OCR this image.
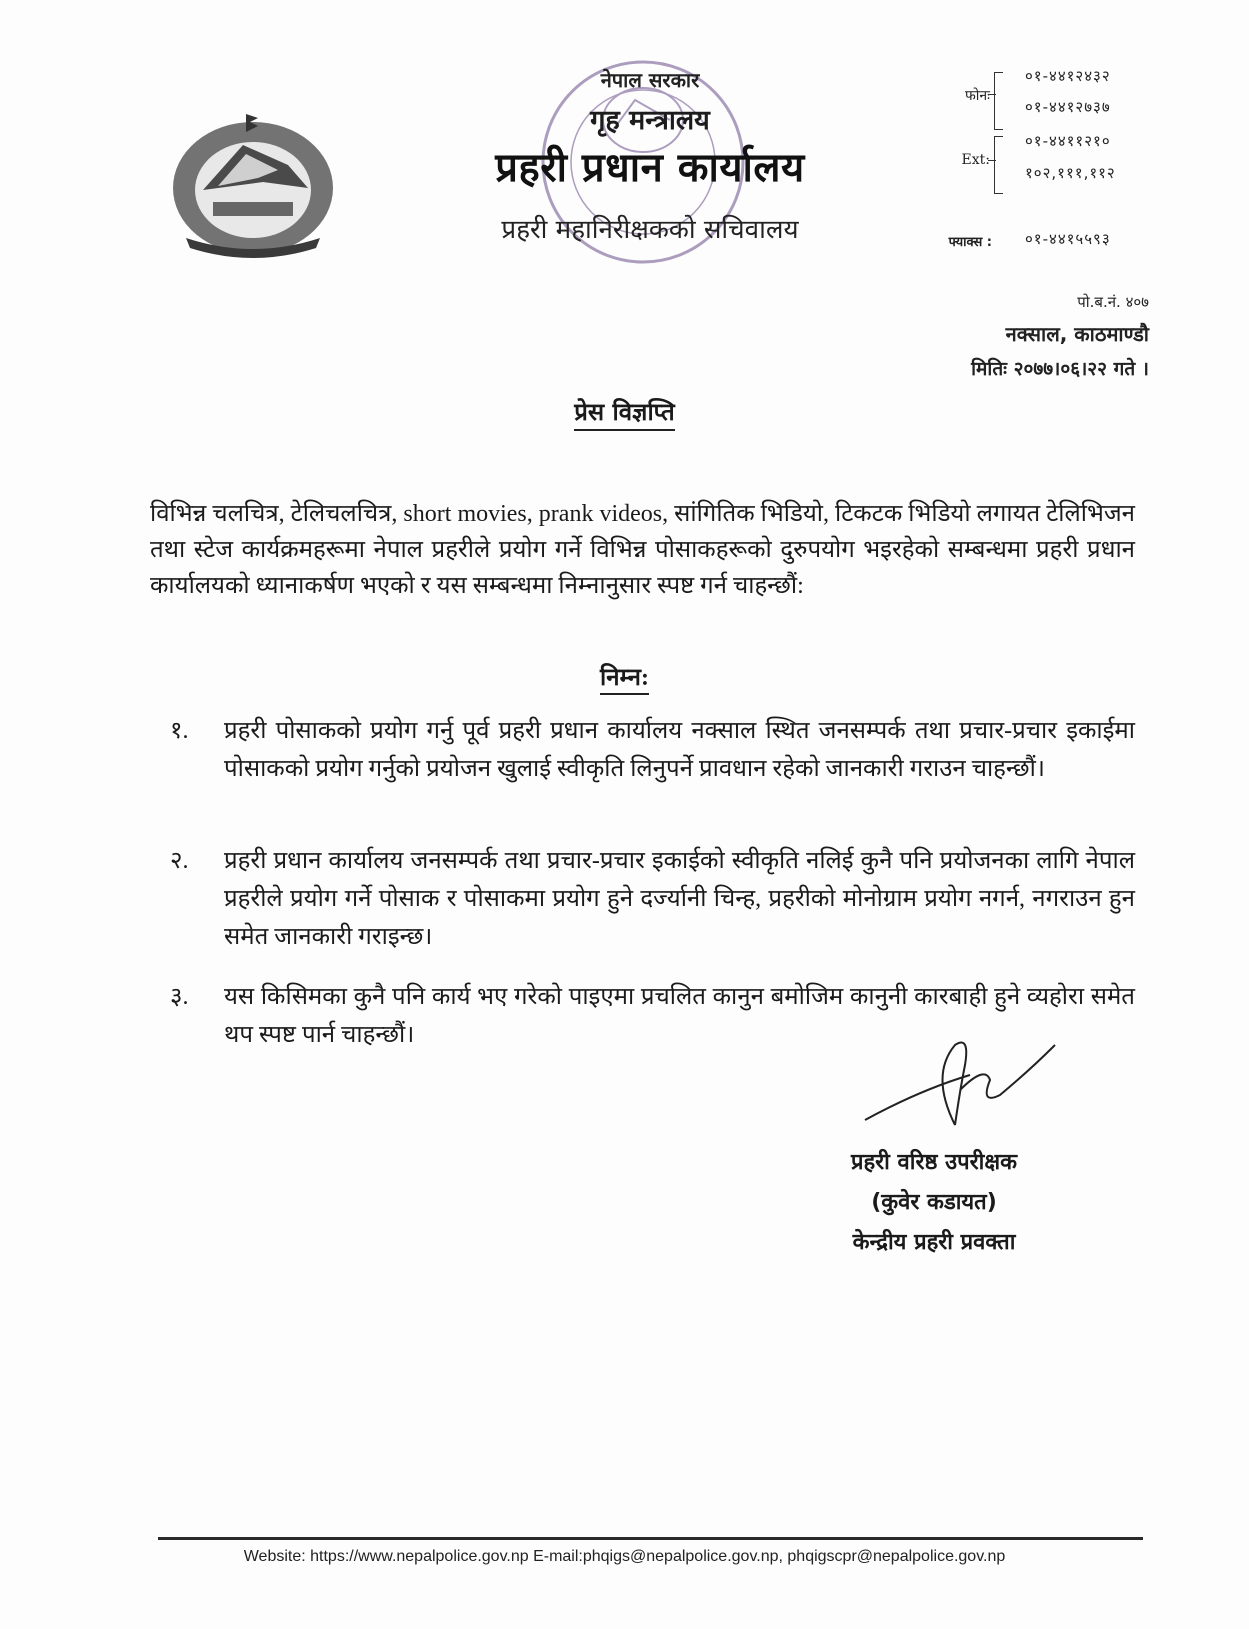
नेपाल सरकार
गृह मन्त्रालय
प्रहरी प्रधान कार्यालय
प्रहरी महानिरीक्षकको सचिवालय
फोनः
०१-४४१२४३२
०१-४४१२७३७
Ext:
०१-४४११२१०
१०२,१११,११२
फ्याक्स : ०१-४४१५५९३
पो.ब.नं. ४०७
नक्साल, काठमाण्डौ
मितिः २०७७।०६।२२ गते ।
प्रेस विज्ञप्ति
विभिन्न चलचित्र, टेलिचलचित्र, short movies, prank videos, सांगितिक भिडियो, टिकटक भिडियो लगायत टेलिभिजन तथा स्टेज कार्यक्रमहरूमा नेपाल प्रहरीले प्रयोग गर्ने विभिन्न पोसाकहरूको दुरुपयोग भइरहेको सम्बन्धमा प्रहरी प्रधान कार्यालयको ध्यानाकर्षण भएको र यस सम्बन्धमा निम्नानुसार स्पष्ट गर्न चाहन्छौं:
निम्न:
१.	प्रहरी पोसाकको प्रयोग गर्नु पूर्व प्रहरी प्रधान कार्यालय नक्साल स्थित जनसम्पर्क तथा प्रचार-प्रचार इकाईमा पोसाकको प्रयोग गर्नुको प्रयोजन खुलाई स्वीकृति लिनुपर्ने प्रावधान रहेको जानकारी गराउन चाहन्छौं।
२.	प्रहरी प्रधान कार्यालय जनसम्पर्क तथा प्रचार-प्रचार इकाईको स्वीकृति नलिई कुनै पनि प्रयोजनका लागि नेपाल प्रहरीले प्रयोग गर्ने पोसाक र पोसाकमा प्रयोग हुने दर्ज्यानी चिन्ह, प्रहरीको मोनोग्राम प्रयोग नगर्न, नगराउन हुन समेत जानकारी गराइन्छ।
३.	यस किसिमका कुनै पनि कार्य भए गरेको पाइएमा प्रचलित कानुन बमोजिम कानुनी कारबाही हुने व्यहोरा समेत थप स्पष्ट पार्न चाहन्छौं।
प्रहरी वरिष्ठ उपरीक्षक
(कुवेर कडायत)
केन्द्रीय प्रहरी प्रवक्ता
Website: https://www.nepalpolice.gov.np E-mail:phqigs@nepalpolice.gov.np, phqigscpr@nepalpolice.gov.np
